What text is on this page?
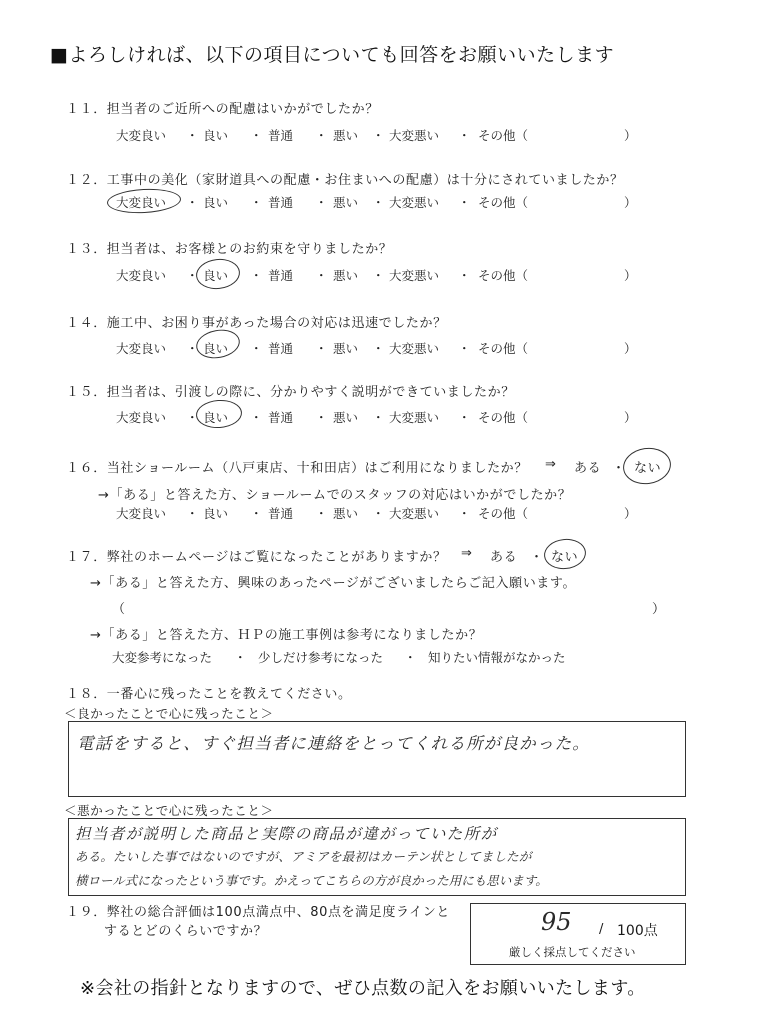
■よろしければ、以下の項目についても回答をお願いいたします
１１．担当者のご近所への配慮はいかがでしたか？
大変良い ・ 良い ・ 普通 ・ 悪い ・ 大変悪い ・ その他（	）
１２．工事中の美化（家財道具への配慮・お住まいへの配慮）は十分にされていましたか？
大変良い ・ 良い ・ 普通 ・ 悪い ・ 大変悪い ・ その他（	）
１３．担当者は、お客様とのお約束を守りましたか？
大変良い ・ 良い ・ 普通 ・ 悪い ・ 大変悪い ・ その他（	）
１４．施工中、お困り事があった場合の対応は迅速でしたか？
大変良い ・ 良い ・ 普通 ・ 悪い ・ 大変悪い ・ その他（	）
１５．担当者は、引渡しの際に、分かりやすく説明ができていましたか？
大変良い ・ 良い ・ 普通 ・ 悪い ・ 大変悪い ・ その他（	）
１６．当社ショールーム（八戸東店、十和田店）はご利用になりましたか？ ⇒ ある ・ ない
→「ある」と答えた方、ショールームでのスタッフの対応はいかがでしたか？
大変良い ・ 良い ・ 普通 ・ 悪い ・ 大変悪い ・ その他（	）
１７．弊社のホームページはご覧になったことがありますか？ ⇒ ある ・ ない
→「ある」と答えた方、興味のあったページがございましたらご記入願います。
（	）
→「ある」と答えた方、ＨＰの施工事例は参考になりましたか？
大変参考になった ・ 少しだけ参考になった ・ 知りたい情報がなかった
１８．一番心に残ったことを教えてください。
＜良かったことで心に残ったこと＞
電話をすると、すぐ担当者に連絡をとってくれる所が良かった。
＜悪かったことで心に残ったこと＞
担当者が説明した商品と実際の商品が違がっていた所が
ある。たいした事ではないのですが、アミアを最初はカーテン状としてましたが
横ロール式になったという事です。かえってこちらの方が良かった用にも思います。
１９．弊社の総合評価は100点満点中、80点を満足度ラインと
するとどのくらいですか？	95 / 100点
厳しく採点してください
※会社の指針となりますので、ぜひ点数の記入をお願いいたします。
